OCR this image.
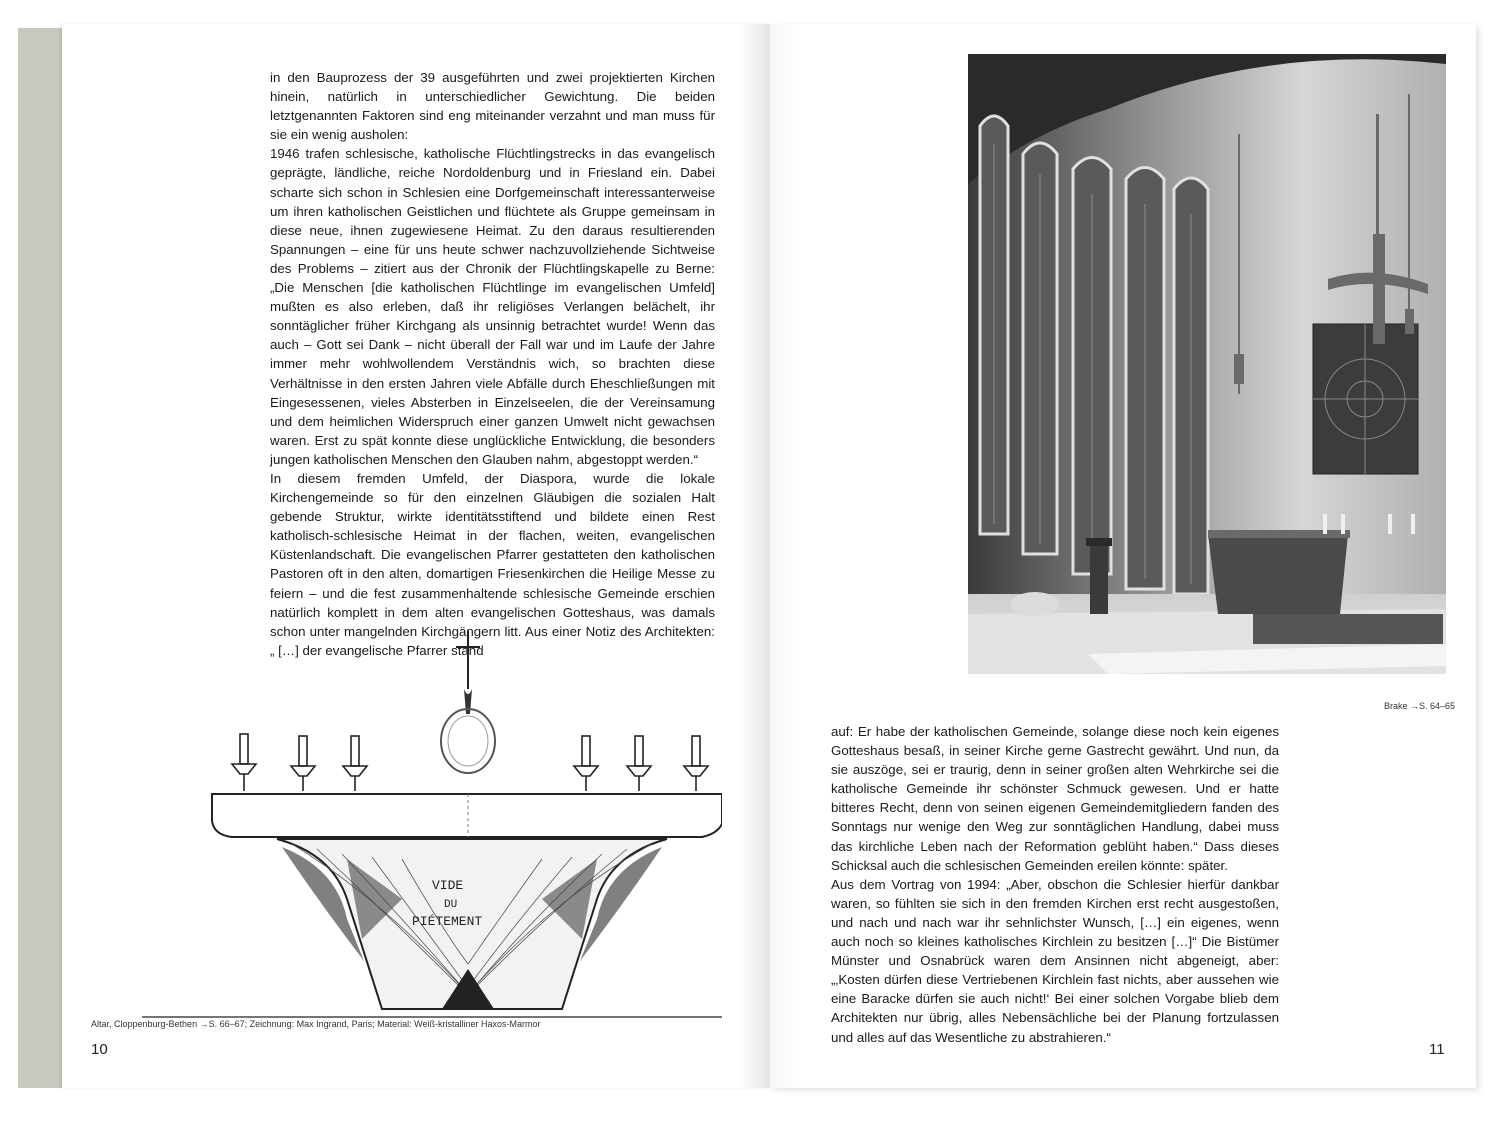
in den Bauprozess der 39 ausgeführten und zwei projektierten Kirchen hinein, natürlich in unterschiedlicher Gewichtung. Die beiden letztgenannten Faktoren sind eng miteinander verzahnt und man muss für sie ein wenig ausholen:

1946 trafen schlesische, katholische Flüchtlingstrecks in das evangelisch geprägte, ländliche, reiche Nordoldenburg und in Friesland ein. Dabei scharte sich schon in Schlesien eine Dorfgemeinschaft interessanterweise um ihren katholischen Geistlichen und flüchtete als Gruppe gemeinsam in diese neue, ihnen zugewiesene Heimat. Zu den daraus resultierenden Spannungen – eine für uns heute schwer nachzuvollziehende Sichtweise des Problems – zitiert aus der Chronik der Flüchtlingskapelle zu Berne: „Die Menschen [die katholischen Flüchtlinge im evangelischen Umfeld] mußten es also erleben, daß ihr religiöses Verlangen belächelt, ihr sonntäglicher früher Kirchgang als unsinnig betrachtet wurde! Wenn das auch – Gott sei Dank – nicht überall der Fall war und im Laufe der Jahre immer mehr wohlwollendem Verständnis wich, so brachten diese Verhältnisse in den ersten Jahren viele Abfälle durch Eheschließungen mit Eingesessenen, vieles Absterben in Einzelseelen, die der Vereinsamung und dem heimlichen Widerspruch einer ganzen Umwelt nicht gewachsen waren. Erst zu spät konnte diese unglückliche Entwicklung, die besonders jungen katholischen Menschen den Glauben nahm, abgestoppt werden.“

In diesem fremden Umfeld, der Diaspora, wurde die lokale Kirchengemeinde so für den einzelnen Gläubigen die sozialen Halt gebende Struktur, wirkte identitätsstiftend und bildete einen Rest katholisch-schlesische Heimat in der flachen, weiten, evangelischen Küstenlandschaft. Die evangelischen Pfarrer gestatteten den katholischen Pastoren oft in den alten, domartigen Friesenkirchen die Heilige Messe zu feiern – und die fest zusammenhaltende schlesische Gemeinde erschien natürlich komplett in dem alten evangelischen Gotteshaus, was damals schon unter mangelnden Kirchgängern litt. Aus einer Notiz des Architekten: „ […] der evangelische Pfarrer stand

VIDE
DU
PIÉTEMENT
Altar, Cloppenburg-Bethen →S. 66–67; Zeichnung: Max Ingrand, Paris; Material: Weiß-kristalliner Haxos-Marmor
10
Brake →S. 64–65

auf: Er habe der katholischen Gemeinde, solange diese noch kein eigenes Gotteshaus besaß, in seiner Kirche gerne Gastrecht gewährt. Und nun, da sie auszöge, sei er traurig, denn in seiner großen alten Wehrkirche sei die katholische Gemeinde ihr schönster Schmuck gewesen. Und er hatte bitteres Recht, denn von seinen eigenen Gemeindemitgliedern fanden des Sonntags nur wenige den Weg zur sonntäglichen Handlung, dabei muss das kirchliche Leben nach der Reformation geblüht haben.“ Dass dieses Schicksal auch die schlesischen Gemeinden ereilen könnte: später.

Aus dem Vortrag von 1994: „Aber, obschon die Schlesier hierfür dankbar waren, so fühlten sie sich in den fremden Kirchen erst recht ausgestoßen, und nach und nach war ihr sehnlichster Wunsch, […] ein eigenes, wenn auch noch so kleines katholisches Kirchlein zu besitzen […]“ Die Bistümer Münster und Osnabrück waren dem Ansinnen nicht abgeneigt, aber: „‚Kosten dürfen diese Vertriebenen Kirchlein fast nichts, aber aussehen wie eine Baracke dürfen sie auch nicht!‘ Bei einer solchen Vorgabe blieb dem Architekten nur übrig, alles Nebensächliche bei der Planung fortzulassen und alles auf das Wesentliche zu abstrahieren.“

11
